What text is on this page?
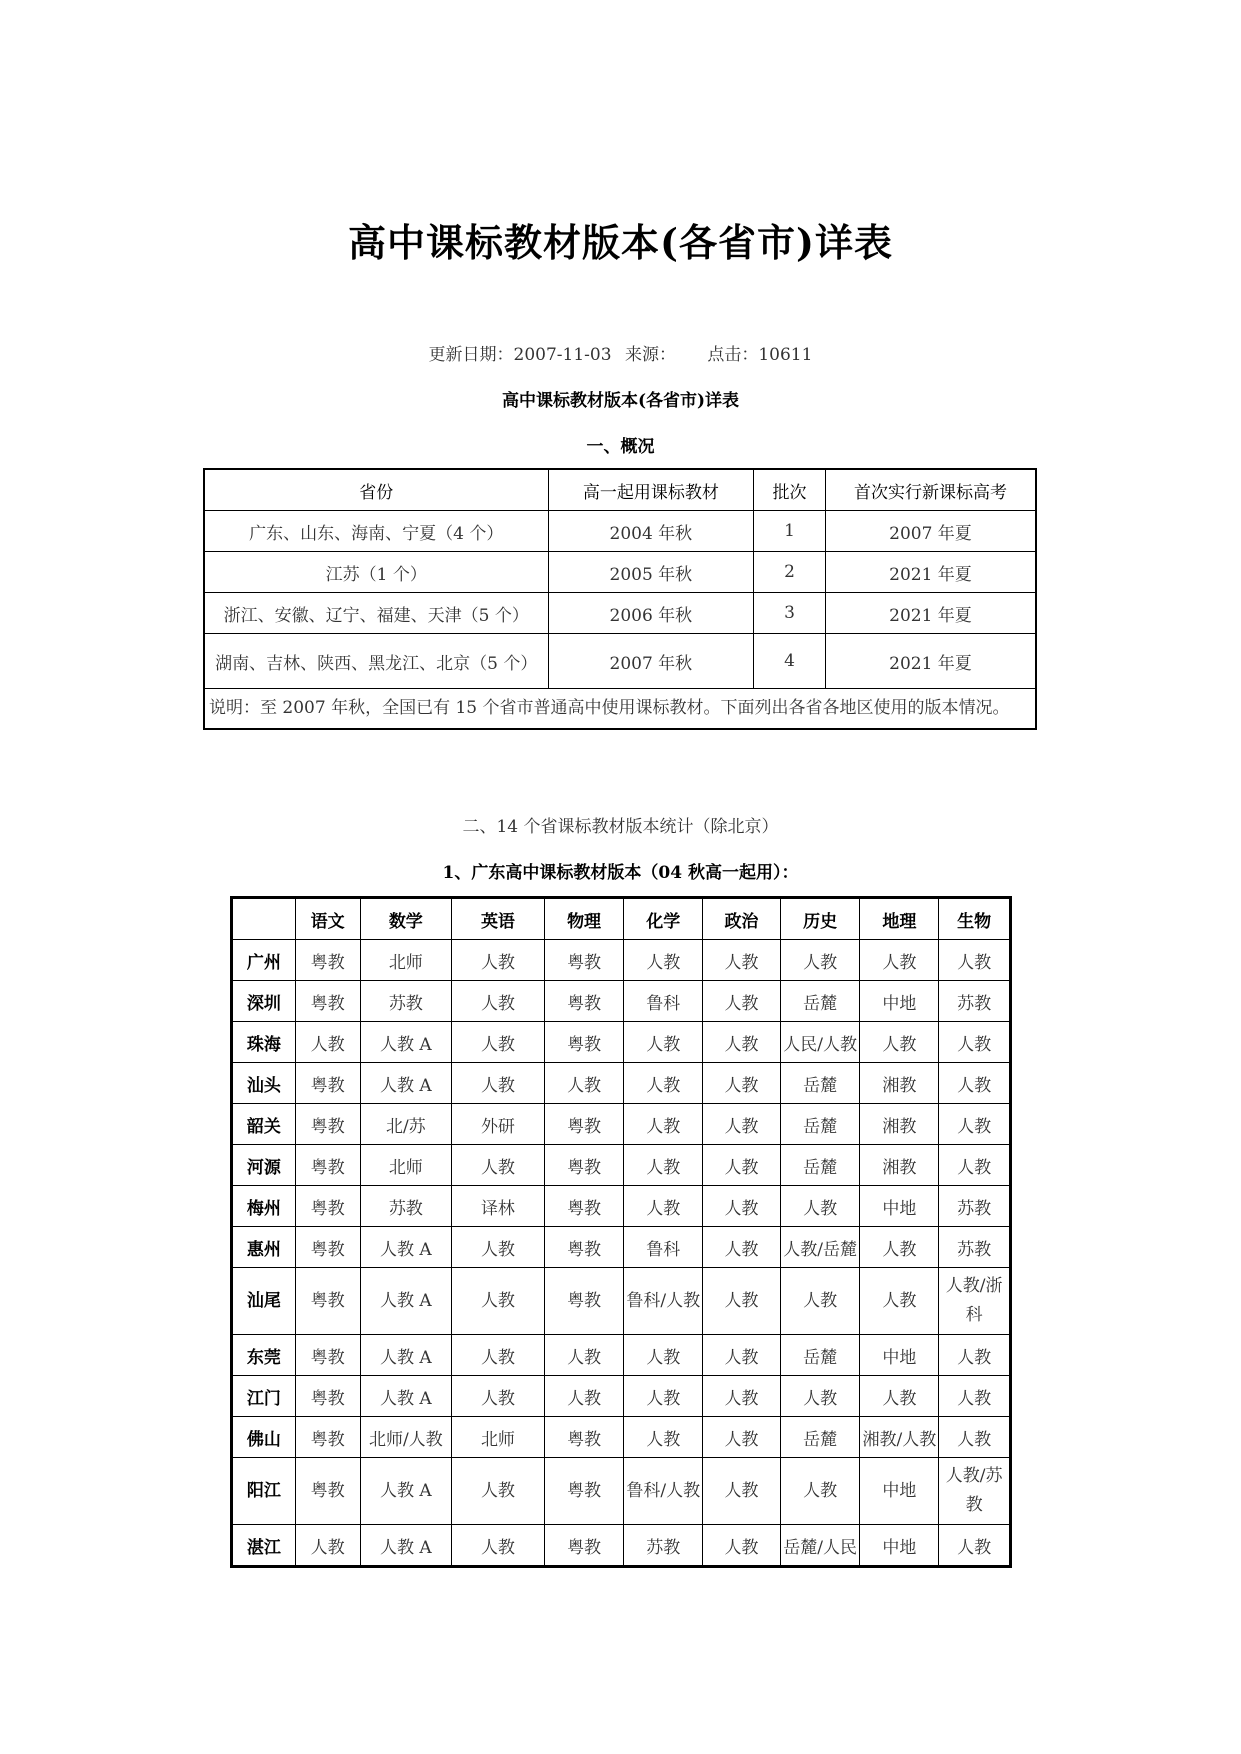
高中课标教材版本(各省市)详表
更新日期：2007-11-03 来源： 点击：10611
高中课标教材版本(各省市)详表
一、概况
省份	高一起用课标教材	批次	首次实行新课标高考
广东、山东、海南、宁夏（4 个）	2004 年秋	1	2007 年夏
江苏（1 个）	2005 年秋	2	2021 年夏
浙江、安徽、辽宁、福建、天津（5 个）	2006 年秋	3	2021 年夏
湖南、吉林、陕西、黑龙江、北京（5 个）	2007 年秋	4	2021 年夏
说明：至 2007 年秋，全国已有 15 个省市普通高中使用课标教材。下面列出各省各地区使用的版本情况。			
二、14 个省课标教材版本统计（除北京）
1、广东高中课标教材版本（04 秋高一起用）：
	语文	数学	英语	物理	化学	政治	历史	地理	生物
广州	粤教	北师	人教	粤教	人教	人教	人教	人教	人教
深圳	粤教	苏教	人教	粤教	鲁科	人教	岳麓	中地	苏教
珠海	人教	人教 A	人教	粤教	人教	人教	人民/人教	人教	人教
汕头	粤教	人教 A	人教	人教	人教	人教	岳麓	湘教	人教
韶关	粤教	北/苏	外研	粤教	人教	人教	岳麓	湘教	人教
河源	粤教	北师	人教	粤教	人教	人教	岳麓	湘教	人教
梅州	粤教	苏教	译林	粤教	人教	人教	人教	中地	苏教
惠州	粤教	人教 A	人教	粤教	鲁科	人教	人教/岳麓	人教	苏教
汕尾	粤教	人教 A	人教	粤教	鲁科/人教	人教	人教	人教	人教/浙科
东莞	粤教	人教 A	人教	人教	人教	人教	岳麓	中地	人教
江门	粤教	人教 A	人教	人教	人教	人教	人教	人教	人教
佛山	粤教	北师/人教	北师	粤教	人教	人教	岳麓	湘教/人教	人教
阳江	粤教	人教 A	人教	粤教	鲁科/人教	人教	人教	中地	人教/苏教
湛江	人教	人教 A	人教	粤教	苏教	人教	岳麓/人民	中地	人教
